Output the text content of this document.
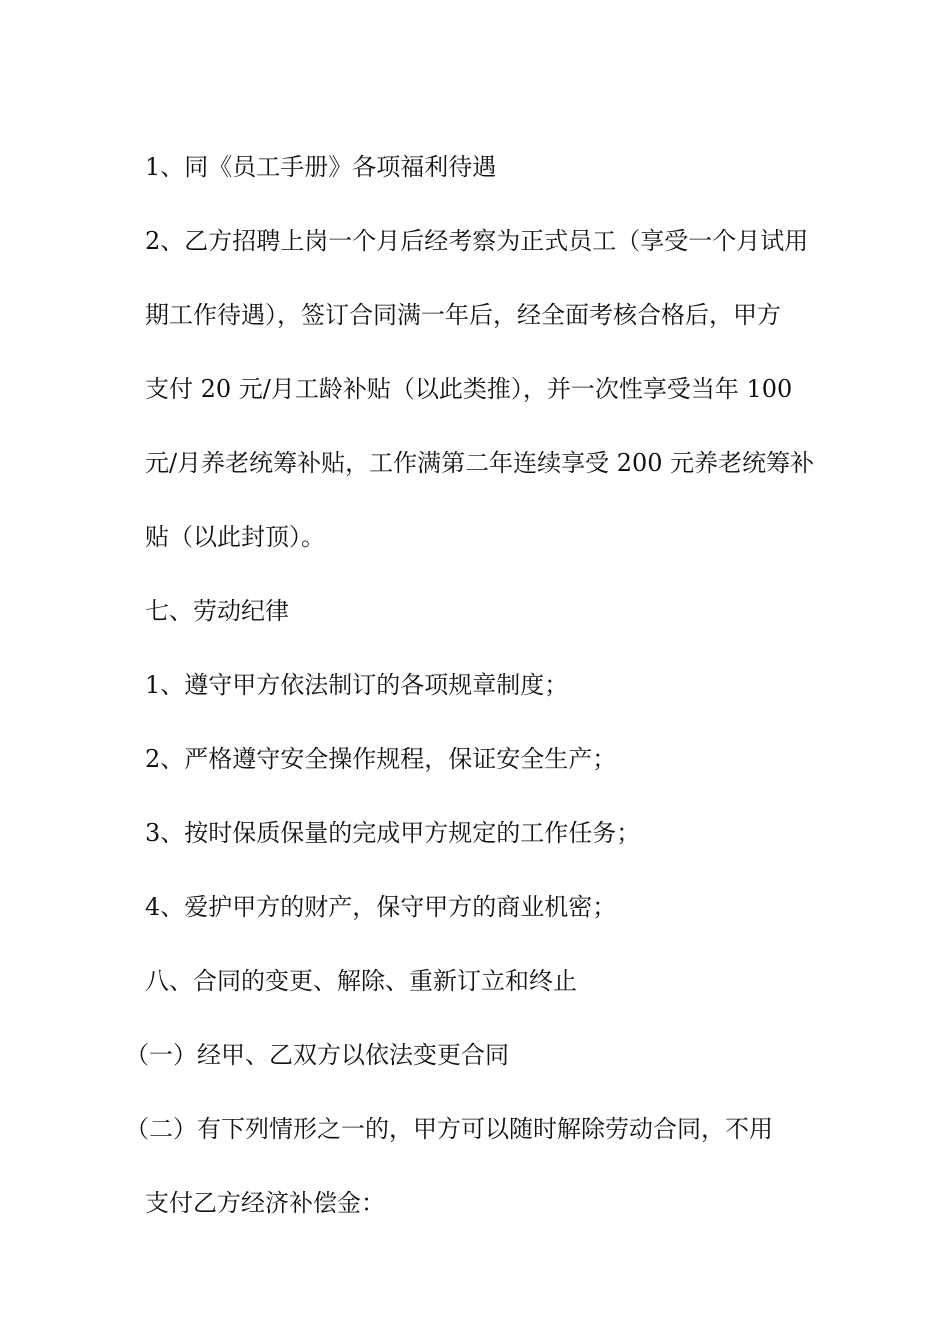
1、同《员工手册》各项福利待遇
2、乙方招聘上岗一个月后经考察为正式员工（享受一个月试用
期工作待遇），签订合同满一年后，经全面考核合格后，甲方
支付 20 元/月工龄补贴（以此类推），并一次性享受当年 100
元/月养老统筹补贴，工作满第二年连续享受 200 元养老统筹补
贴（以此封顶）。
七、劳动纪律
1、遵守甲方依法制订的各项规章制度；
2、严格遵守安全操作规程，保证安全生产；
3、按时保质保量的完成甲方规定的工作任务；
4、爱护甲方的财产，保守甲方的商业机密；
八、合同的变更、解除、重新订立和终止
（一）经甲、乙双方以依法变更合同
（二）有下列情形之一的，甲方可以随时解除劳动合同，不用
支付乙方经济补偿金：
